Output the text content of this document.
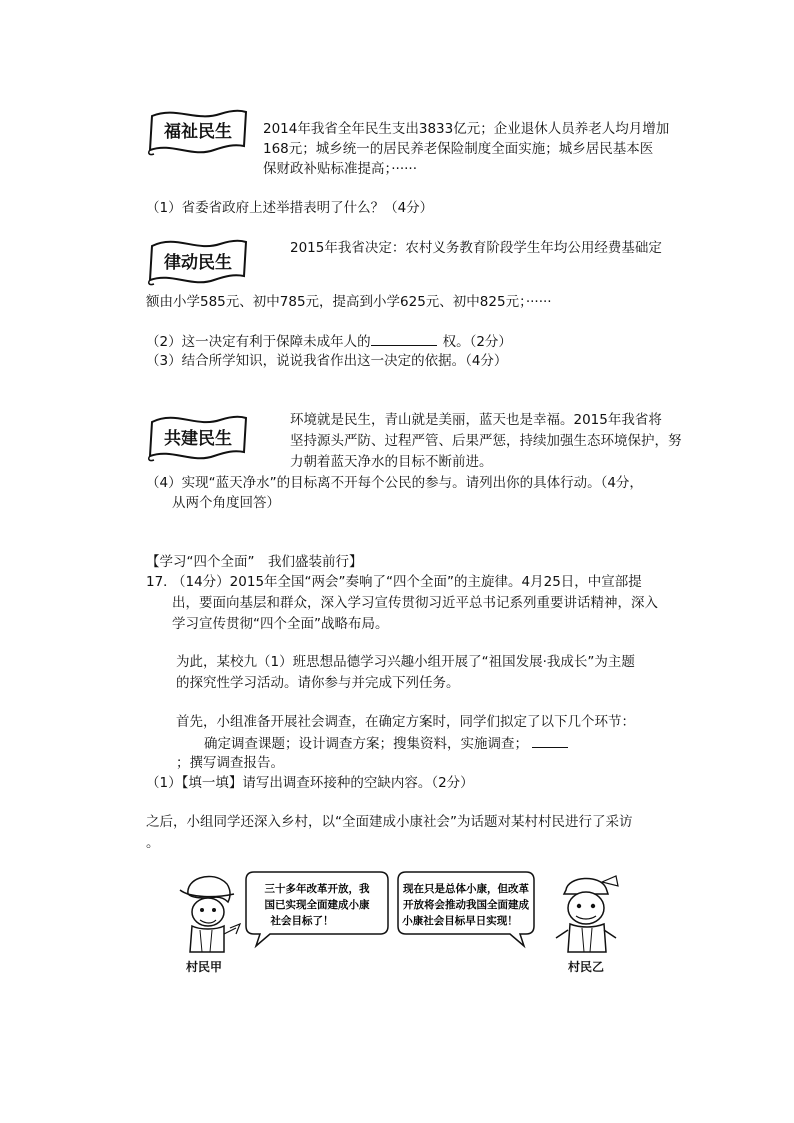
福祉民生 2014年我省全年民生支出3833亿元；企业退休人员养老人均月增加
168元；城乡统一的居民养老保险制度全面实施；城乡居民基本医
保财政补贴标准提高；······
（1）省委省政府上述举措表明了什么？（4分）
律动民生
2015年我省决定：农村义务教育阶段学生年均公用经费基础定
额由小学585元、初中785元，提高到小学625元、初中825元；······
（2）这一决定有利于保障未成年人的	权。（2分）
（3）结合所学知识，说说我省作出这一决定的依据。（4分）
共建民生
环境就是民生，青山就是美丽，蓝天也是幸福。2015年我省将
坚持源头严防、过程严管、后果严惩，持续加强生态环境保护，努
力朝着蓝天净水的目标不断前进。
（4）实现“蓝天净水”的目标离不开每个公民的参与。请列出你的具体行动。（4分，
从两个角度回答）
【学习“四个全面”　我们盛装前行】
17．
（14分）2015年全国“两会”奏响了“四个全面”的主旋律。4月25日，中宣部提
出，要面向基层和群众，深入学习宣传贯彻习近平总书记系列重要讲话精神，深入
学习宣传贯彻“四个全面”战略布局。
为此，某校九（1）班思想品德学习兴趣小组开展了“祖国发展·我成长”为主题
的探究性学习活动。请你参与并完成下列任务。
首先，小组准备开展社会调查，在确定方案时，同学们拟定了以下几个环节：
确定调查课题；设计调查方案；搜集资料，实施调查；
；撰写调查报告。
（1）【填一填】请写出调查环接种的空缺内容。（2分）
之后，小组同学还深入乡村，以“全面建成小康社会”为话题对某村村民进行了采访
。
三十多年改革开放，我
国已实现全面建成小康
社会目标了！
现在只是总体小康，但改革
开放将会推动我国全面建成
小康社会目标早日实现！
村民甲	村民乙
